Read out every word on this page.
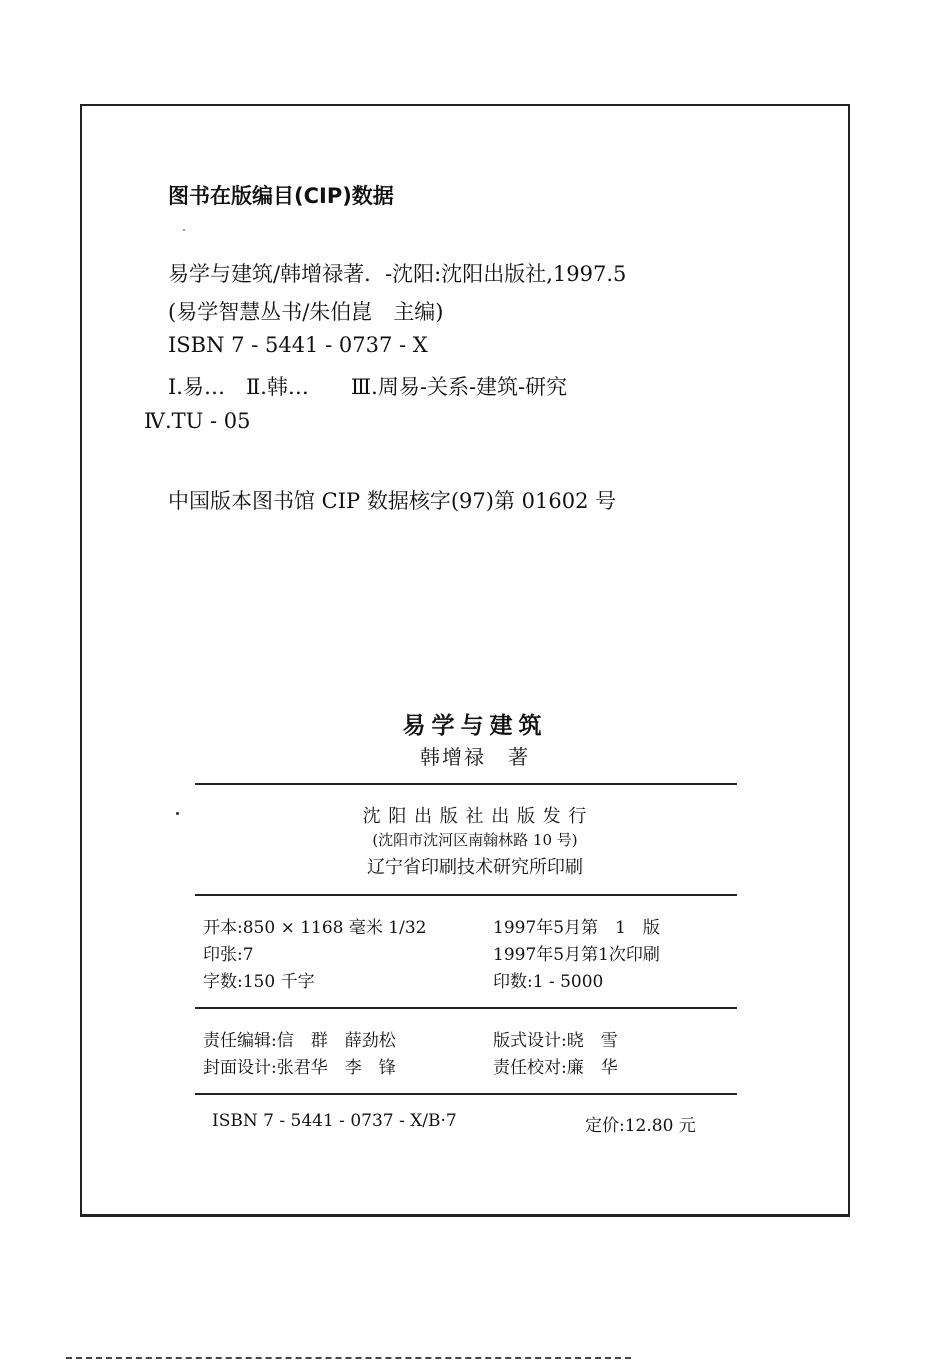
图书在版编目(CIP)数据

易学与建筑/韩增禄著．-沈阳:沈阳出版社,1997.5

(易学智慧丛书/朱伯崑　主编)

ISBN 7 - 5441 - 0737 - X

Ⅰ.易…　Ⅱ.韩…　　Ⅲ.周易-关系-建筑-研究

Ⅳ.TU - 05

中国版本图书馆 CIP 数据核字(97)第 01602 号

易学与建筑

韩增禄　著

沈 阳 出 版 社 出 版 发 行

(沈阳市沈河区南翰林路 10 号)

辽宁省印刷技术研究所印刷

开本:850 × 1168 毫米 1/32

印张:7

字数:150 千字

1997年5月第　1　版

1997年5月第1次印刷

印数:1 - 5000

责任编辑:信　群　薛劲松

封面设计:张君华　李　锋

版式设计:晓　雪

责任校对:廉　华

ISBN 7 - 5441 - 0737 - X/B·7	定价:12.80 元
